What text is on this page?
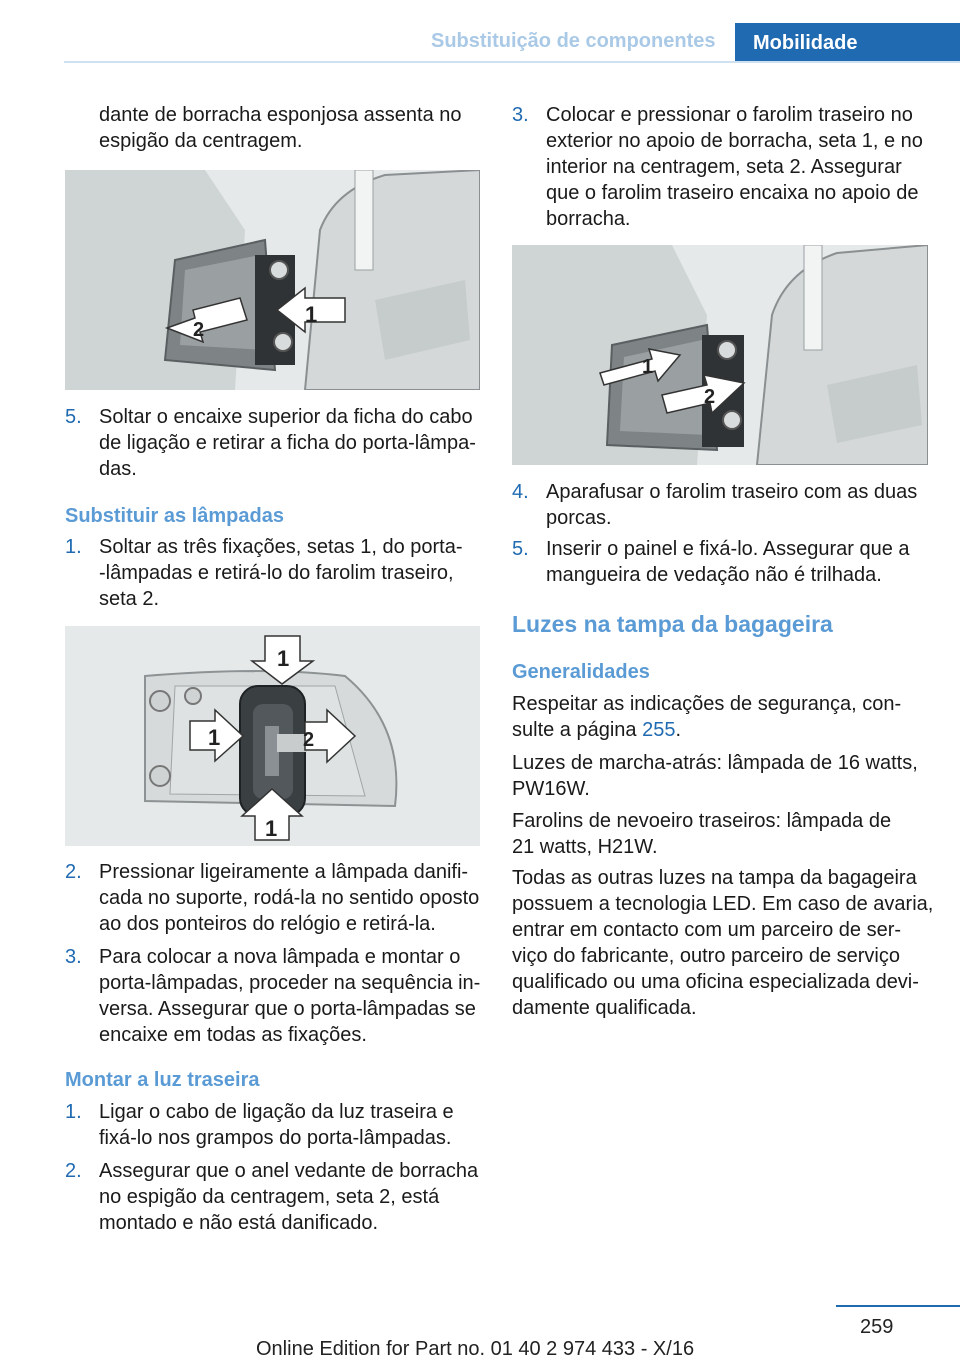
Substituição de componentes	Mobilidade
dante de borracha esponjosa assenta no
espigão da centragem.
1
2
5. Soltar o encaixe superior da ficha do cabo
de ligação e retirar a ficha do porta-lâmpa-
das.
Substituir as lâmpadas
1. Soltar as três fixações, setas 1, do porta-
-lâmpadas e retirá-lo do farolim traseiro,
seta 2.
1
1	2
1
2. Pressionar ligeiramente a lâmpada danifi-
cada no suporte, rodá-la no sentido oposto
ao dos ponteiros do relógio e retirá-la.
3. Para colocar a nova lâmpada e montar o
porta-lâmpadas, proceder na sequência in-
versa. Assegurar que o porta-lâmpadas se
encaixe em todas as fixações.
Montar a luz traseira
1. Ligar o cabo de ligação da luz traseira e
fixá-lo nos grampos do porta-lâmpadas.
2. Assegurar que o anel vedante de borracha
no espigão da centragem, seta 2, está
montado e não está danificado.
3. Colocar e pressionar o farolim traseiro no
exterior no apoio de borracha, seta 1, e no
interior na centragem, seta 2. Assegurar
que o farolim traseiro encaixa no apoio de
borracha.
1
2
4. Aparafusar o farolim traseiro com as duas
porcas.
5. Inserir o painel e fixá-lo. Assegurar que a
mangueira de vedação não é trilhada.
Luzes na tampa da bagageira
Generalidades
Respeitar as indicações de segurança, con-
sulte a página 255.
Luzes de marcha-atrás: lâmpada de 16 watts,
PW16W.
Farolins de nevoeiro traseiros: lâmpada de
21 watts, H21W.
Todas as outras luzes na tampa da bagageira
possuem a tecnologia LED. Em caso de avaria,
entrar em contacto com um parceiro de ser-
viço do fabricante, outro parceiro de serviço
qualificado ou uma oficina especializada devi-
damente qualificada.
259
Online Edition for Part no. 01 40 2 974 433 - X/16
